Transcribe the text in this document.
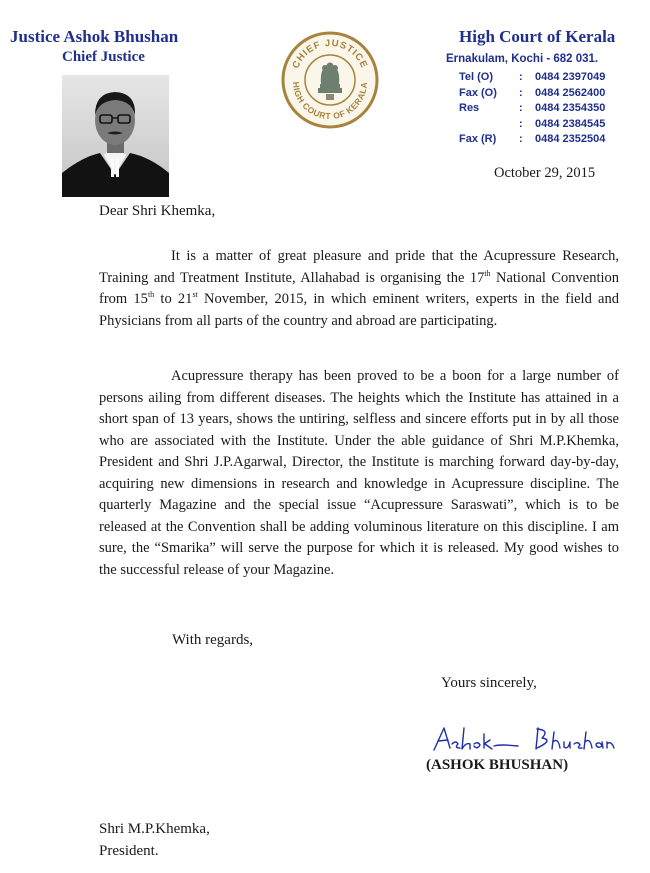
Justice Ashok Bhushan
Chief Justice	CHIEF JUSTICE
HIGH COURT OF KERALA
High Court of Kerala
Ernakulam, Kochi - 682 031.
Tel (O)	:	0484 2397049
Fax (O)	:	0484 2562400
Res	:	0484 2354350
:	0484 2384545
Fax (R)	:	0484 2352504
October 29, 2015
Dear Shri Khemka,
It is a matter of great pleasure and pride that the Acupressure Research, Training and Treatment Institute, Allahabad is organising the 17th National Convention from 15th to 21st November, 2015, in which eminent writers, experts in the field and Physicians from all parts of the country and abroad are participating.
Acupressure therapy has been proved to be a boon for a large number of persons ailing from different diseases. The heights which the Institute has attained in a short span of 13 years, shows the untiring, selfless and sincere efforts put in by all those who are associated with the Institute. Under the able guidance of Shri M.P.Khemka, President and Shri J.P.Agarwal, Director, the Institute is marching forward day-by-day, acquiring new dimensions in research and knowledge in Acupressure discipline. The quarterly Magazine and the special issue “Acupressure Saraswati”, which is to be released at the Convention shall be adding voluminous literature on this discipline. I am sure, the “Smarika” will serve the purpose for which it is released. My good wishes to the successful release of your Magazine.
With regards,
Yours sincerely,
(ASHOK BHUSHAN)
Shri M.P.Khemka,
President.
